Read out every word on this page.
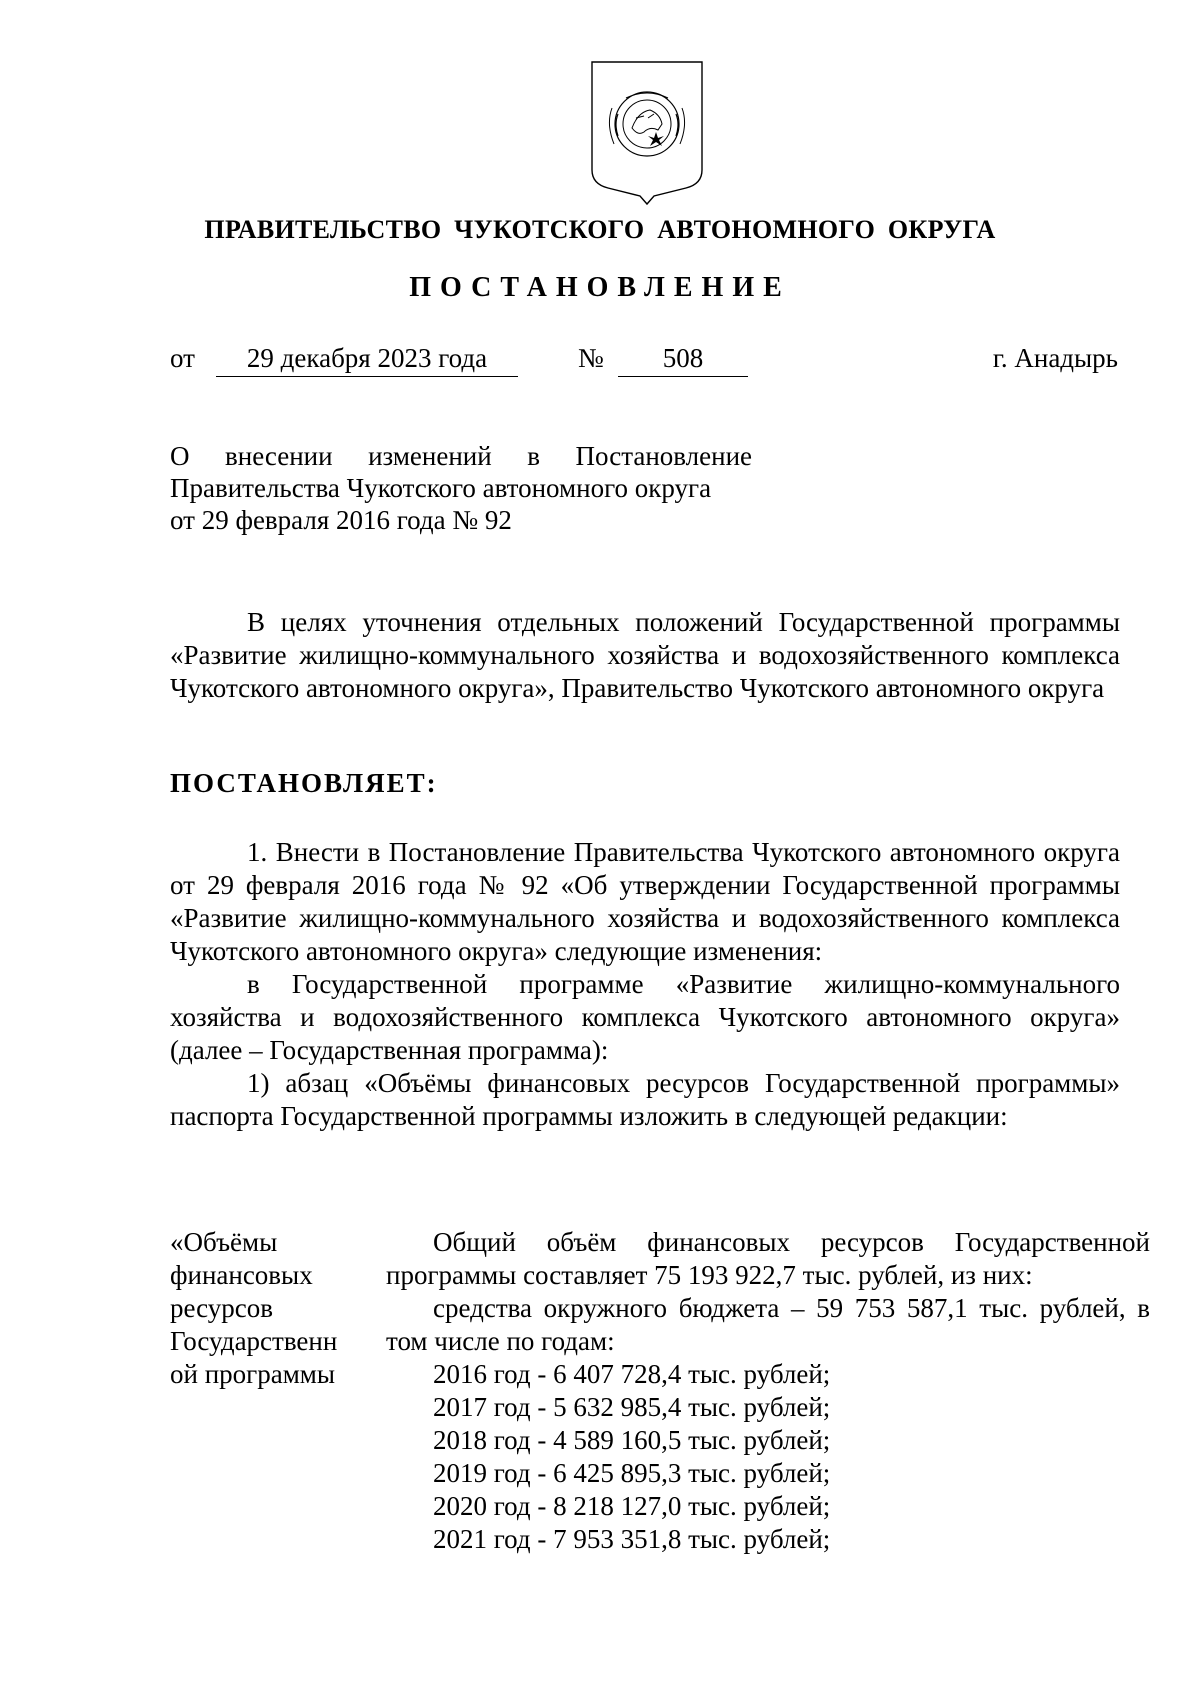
ПРАВИТЕЛЬСТВО ЧУКОТСКОГО АВТОНОМНОГО ОКРУГА
ПОСТАНОВЛЕНИЕ
от	29 декабря 2023 года	№	508	г. Анадырь
О внесении изменений в Постановление
Правительства Чукотского автономного округа
от 29 февраля 2016 года № 92

В целях уточнения отдельных положений Государственной программы «Развитие жилищно-коммунального хозяйства и водохозяйственного комплекса Чукотского автономного округа», Правительство Чукотского автономного округа

ПОСТАНОВЛЯЕТ:

1. Внести в Постановление Правительства Чукотского автономного округа от 29 февраля 2016 года № 92 «Об утверждении Государственной программы «Развитие жилищно-коммунального хозяйства и водохозяйственного комплекса Чукотского автономного округа» следующие изменения:

в Государственной программе «Развитие жилищно-коммунального хозяйства и водохозяйственного комплекса Чукотского автономного округа» (далее – Государственная программа):

1) абзац «Объёмы финансовых ресурсов Государственной программы» паспорта Государственной программы изложить в следующей редакции:

«Объёмы
финансовых
ресурсов
Государственн
ой программы

Общий объём финансовых ресурсов Государственной программы составляет 75 193 922,7 тыс. рублей, из них:

средства окружного бюджета – 59 753 587,1 тыс. рублей, в том числе по годам:

2016 год - 6 407 728,4 тыс. рублей;
2017 год - 5 632 985,4 тыс. рублей;
2018 год - 4 589 160,5 тыс. рублей;
2019 год - 6 425 895,3 тыс. рублей;
2020 год - 8 218 127,0 тыс. рублей;
2021 год - 7 953 351,8 тыс. рублей;
